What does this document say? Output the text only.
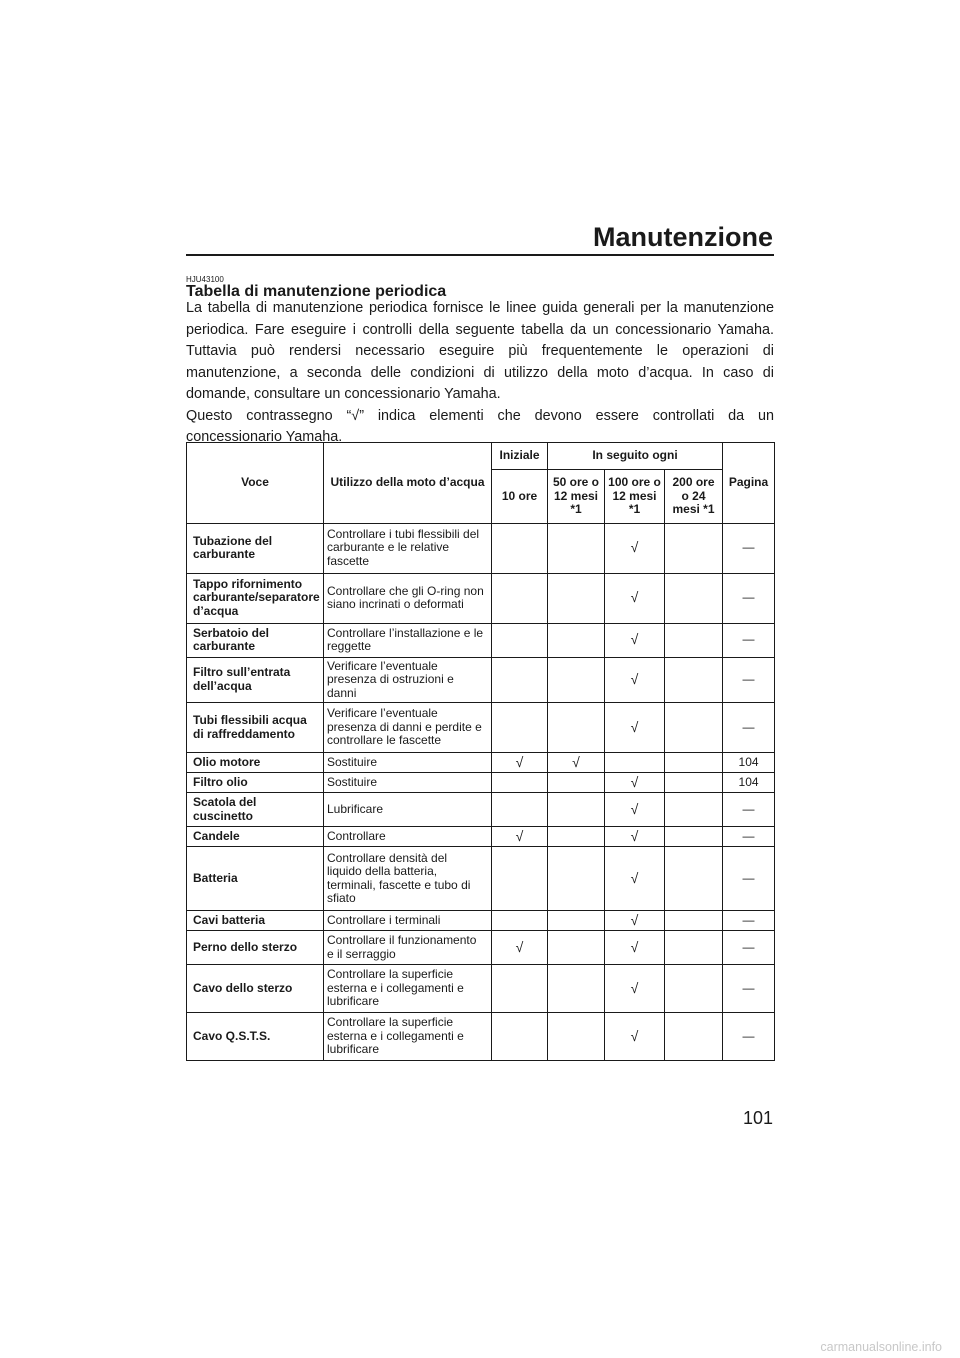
Manutenzione
HJU43100
Tabella di manutenzione periodica

La tabella di manutenzione periodica fornisce le linee guida generali per la manutenzione periodica. Fare eseguire i controlli della seguente tabella da un concessionario Yamaha. Tuttavia può rendersi necessario eseguire più frequentemente le operazioni di manutenzione, a seconda delle condizioni di utilizzo della moto d’acqua. In caso di domande, consultare un concessionario Yamaha.

Questo contrassegno “√” indica elementi che devono essere controllati da un concessionario Yamaha.

Voce	Utilizzo della moto d’acqua	Iniziale	In seguito ogni			Pagina
		10 ore	50 ore o 12 mesi *1	100 ore o 12 mesi *1	200 ore o 24 mesi *1	
Tubazione del carburante	Controllare i tubi flessibili del carburante e le relative fascette			√		—
Tappo rifornimento carburante/separatore d’acqua	Controllare che gli O-ring non siano incrinati o deformati			√		—
Serbatoio del carburante	Controllare l’installazione e le reggette			√		—
Filtro sull’entrata dell’acqua	Verificare l’eventuale presenza di ostruzioni e danni			√		—
Tubi flessibili acqua di raffreddamento	Verificare l’eventuale presenza di danni e perdite e controllare le fascette			√		—
Olio motore	Sostituire	√	√			104
Filtro olio	Sostituire			√		104
Scatola del cuscinetto	Lubrificare			√		—
Candele	Controllare	√		√		—
Batteria	Controllare densità del liquido della batteria, terminali, fascette e tubo di sfiato			√		—
Cavi batteria	Controllare i terminali			√		—
Perno dello sterzo	Controllare il funzionamento e il serraggio	√		√		—
Cavo dello sterzo	Controllare la superficie esterna e i collegamenti e lubrificare			√		—
Cavo Q.S.T.S.	Controllare la superficie esterna e i collegamenti e lubrificare			√		—
101
carmanualsonline.info
